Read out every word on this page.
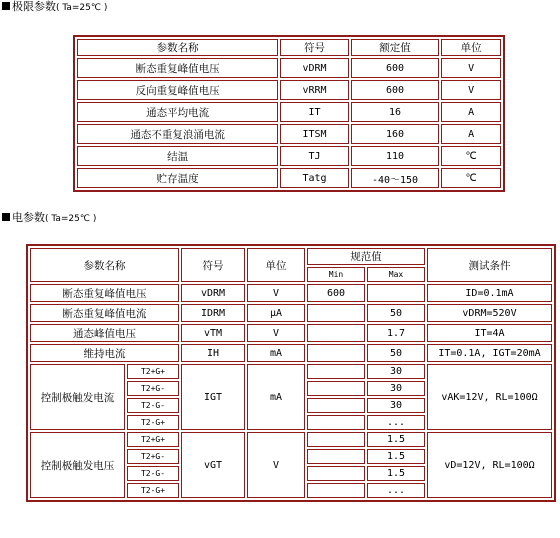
极限参数( Ta=25℃ )
参数名称	符号	额定值	单位
断态重复峰值电压	vDRM	600	V
反向重复峰值电压	vRRM	600	V
通态平均电流	IT	16	A
通态不重复浪涌电流	ITSM	160	A
结温	TJ	110	℃
贮存温度	Tatg	-40～150	℃
电参数( Ta=25℃ )
参数名称		符号	单位	规范值		测试条件
				Min	Max	
断态重复峰值电压		vDRM	V	600		ID=0.1mA
断态重复峰值电流		IDRM	μA		50	vDRM=520V
通态峰值电压		vTM	V		1.7	IT=4A
维持电流		IH	mA		50	IT=0.1A, IGT=20mA
控制极触发电流	T2+G+	IGT	mA		30	vAK=12V, RL=100Ω
	T2+G-				30	
	T2-G-				30	
	T2-G+				...	
控制极触发电压	T2+G+	vGT	V		1.5	vD=12V, RL=100Ω
	T2+G-				1.5	
	T2-G-				1.5	
	T2-G+				...	
